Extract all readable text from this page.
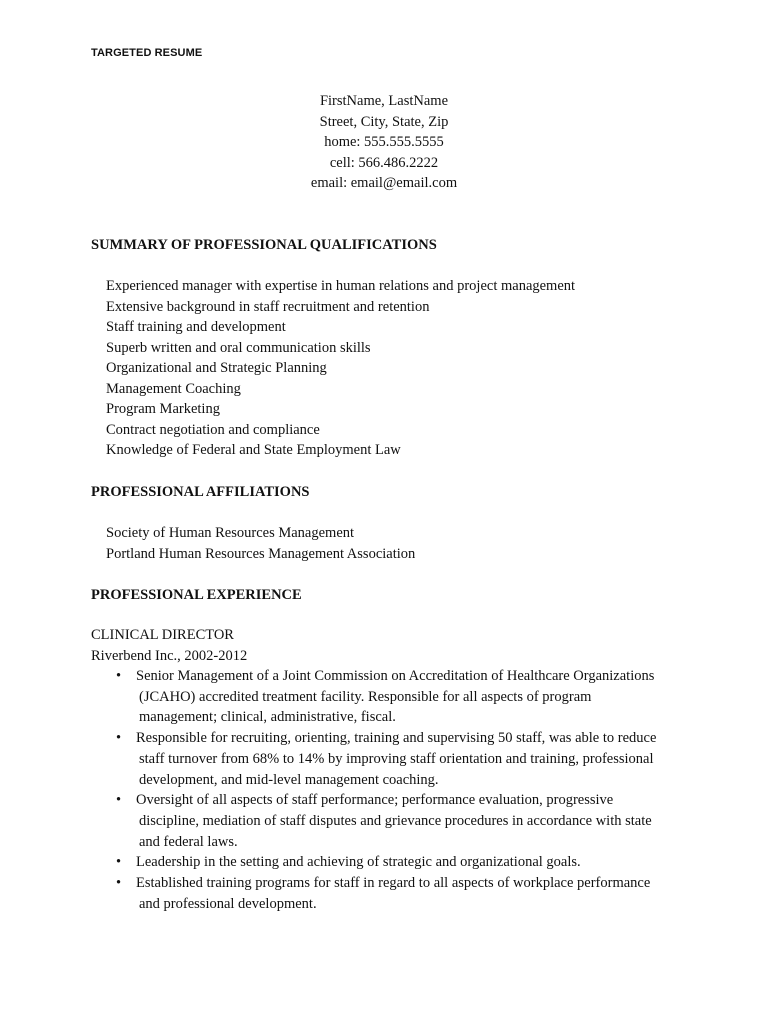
TARGETED RESUME
FirstName, LastName
Street, City, State, Zip
home: 555.555.5555
cell: 566.486.2222
email: email@email.com
SUMMARY OF PROFESSIONAL QUALIFICATIONS
Experienced manager with expertise in human relations and project management
Extensive background in staff recruitment and retention
Staff training and development
Superb written and oral communication skills
Organizational and Strategic Planning
Management Coaching
Program Marketing
Contract negotiation and compliance
Knowledge of Federal and State Employment Law
PROFESSIONAL AFFILIATIONS
Society of Human Resources Management
Portland Human Resources Management Association
PROFESSIONAL EXPERIENCE
CLINICAL DIRECTOR
Riverbend Inc., 2002-2012
• Senior Management of a Joint Commission on Accreditation of Healthcare Organizations
(JCAHO) accredited treatment facility. Responsible for all aspects of program
management; clinical, administrative, fiscal.
• Responsible for recruiting, orienting, training and supervising 50 staff, was able to reduce
staff turnover from 68% to 14% by improving staff orientation and training, professional
development, and mid-level management coaching.
• Oversight of all aspects of staff performance; performance evaluation, progressive
discipline, mediation of staff disputes and grievance procedures in accordance with state
and federal laws.
• Leadership in the setting and achieving of strategic and organizational goals.
• Established training programs for staff in regard to all aspects of workplace performance
and professional development.
